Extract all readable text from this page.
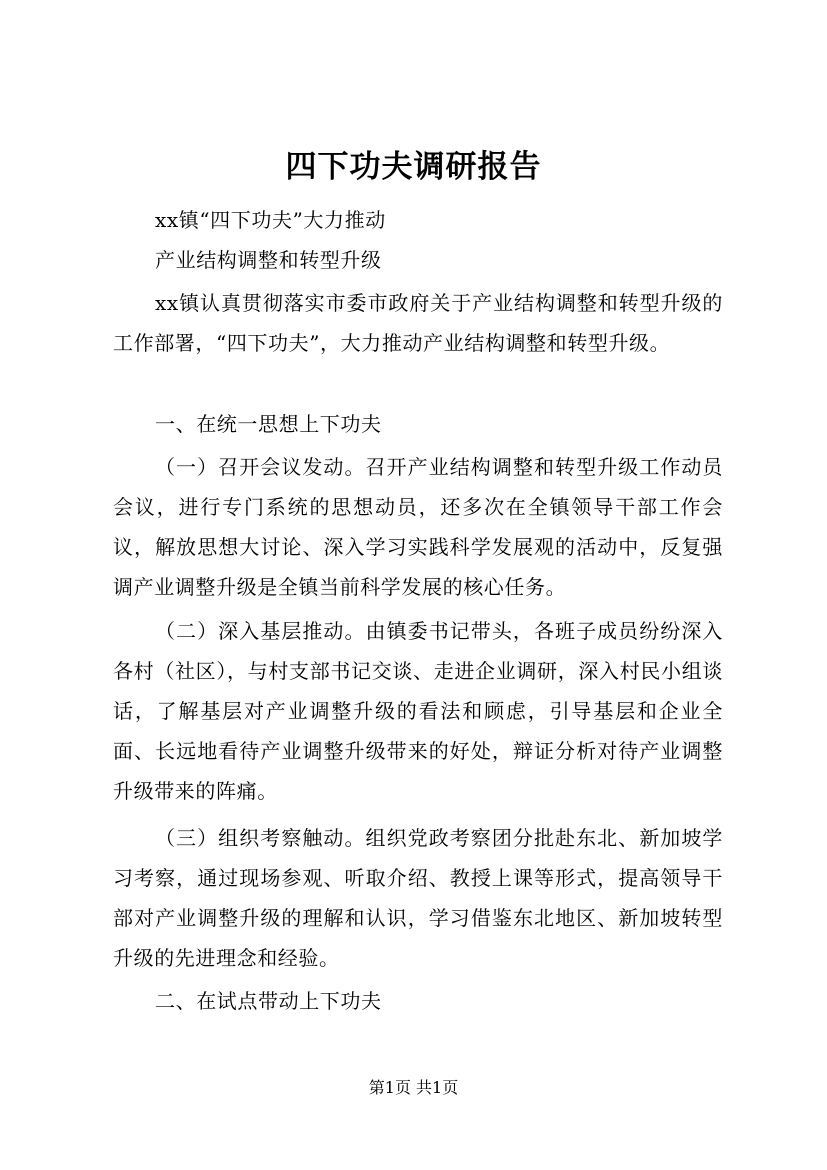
四下功夫调研报告
xx镇“四下功夫”大力推动
产业结构调整和转型升级
xx镇认真贯彻落实市委市政府关于产业结构调整和转型升级的工作部署，“四下功夫”，大力推动产业结构调整和转型升级。
一、在统一思想上下功夫
（一）召开会议发动。召开产业结构调整和转型升级工作动员会议，进行专门系统的思想动员，还多次在全镇领导干部工作会议，解放思想大讨论、深入学习实践科学发展观的活动中，反复强调产业调整升级是全镇当前科学发展的核心任务。
（二）深入基层推动。由镇委书记带头，各班子成员纷纷深入各村（社区），与村支部书记交谈、走进企业调研，深入村民小组谈话，了解基层对产业调整升级的看法和顾虑，引导基层和企业全面、长远地看待产业调整升级带来的好处，辩证分析对待产业调整升级带来的阵痛。
（三）组织考察触动。组织党政考察团分批赴东北、新加坡学习考察，通过现场参观、听取介绍、教授上课等形式，提高领导干部对产业调整升级的理解和认识，学习借鉴东北地区、新加坡转型升级的先进理念和经验。
二、在试点带动上下功夫
第1页 共1页
